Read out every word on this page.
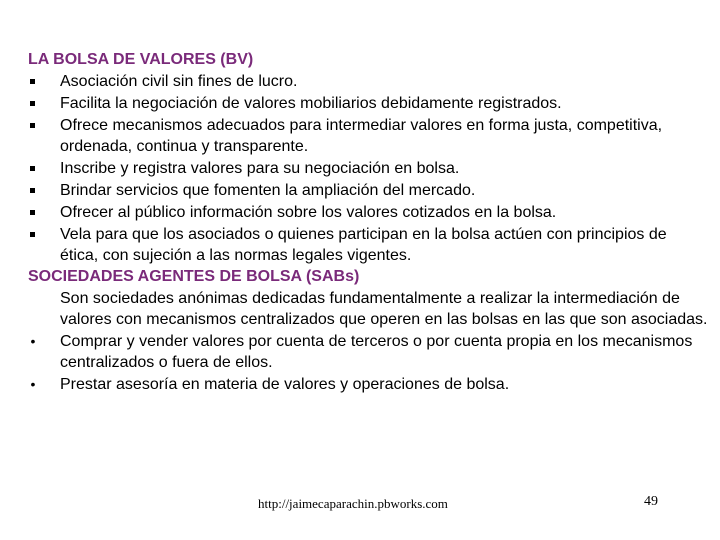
LA BOLSA DE VALORES (BV)
Asociación civil sin fines de lucro.
Facilita la negociación de valores mobiliarios debidamente registrados.
Ofrece mecanismos adecuados para intermediar valores en forma justa, competitiva, ordenada, continua y transparente.
Inscribe y registra valores para su negociación en bolsa.
Brindar servicios que fomenten la ampliación del mercado.
Ofrecer al público información sobre los valores cotizados en la bolsa.
Vela para que los asociados o quienes participan en la bolsa actúen con principios de ética, con sujeción a las normas legales vigentes.
SOCIEDADES AGENTES DE BOLSA (SABs)
Son sociedades anónimas dedicadas fundamentalmente a realizar la intermediación de valores con mecanismos centralizados que operen en las bolsas en las que son asociadas.
• Comprar y vender valores por cuenta de terceros o por cuenta propia en los mecanismos centralizados o fuera de ellos.
• Prestar asesoría en materia de valores y operaciones de bolsa.
http://jaimecaparachin.pbworks.com	49
